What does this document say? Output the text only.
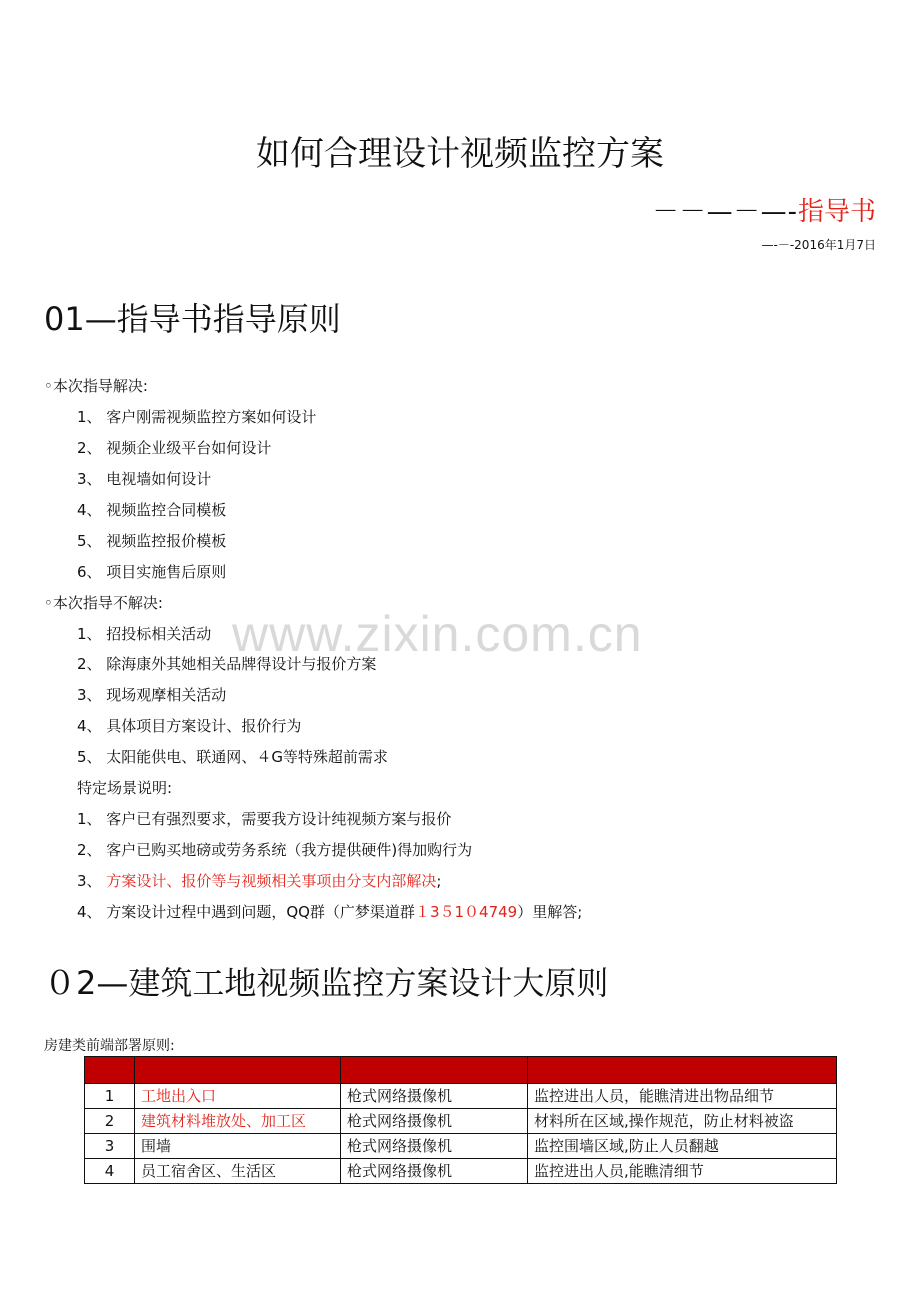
如何合理设计视频监控方案
－－—－—-指导书
—-－-2016年1月7日
01—指导书指导原则
◦本次指导解决:
1、 客户刚需视频监控方案如何设计
2、 视频企业级平台如何设计
3、 电视墙如何设计
4、 视频监控合同模板
5、 视频监控报价模板
6、 项目实施售后原则
◦本次指导不解决:
1、 招投标相关活动
2、 除海康外其她相关品牌得设计与报价方案
3、 现场观摩相关活动
4、 具体项目方案设计、报价行为
5、 太阳能供电、联通网、４G等特殊超前需求
特定场景说明:
1、 客户已有强烈要求，需要我方设计纯视频方案与报价
2、 客户已购买地磅或劳务系统（我方提供硬件)得加购行为
3、 方案设计、报价等与视频相关事项由分支内部解决;
4、 方案设计过程中遇到问题，QQ群（广梦渠道群１3５1０4749）里解答;
www.zixin.com.cn
０2—建筑工地视频监控方案设计大原则
房建类前端部署原则:

1	工地出入口	枪式网络摄像机	监控进出人员，能瞧清进出物品细节
2	建筑材料堆放处、加工区	枪式网络摄像机	材料所在区域,操作规范，防止材料被盗
3	围墙	枪式网络摄像机	监控围墙区域,防止人员翻越
4	员工宿舍区、生活区	枪式网络摄像机	监控进出人员,能瞧清细节
